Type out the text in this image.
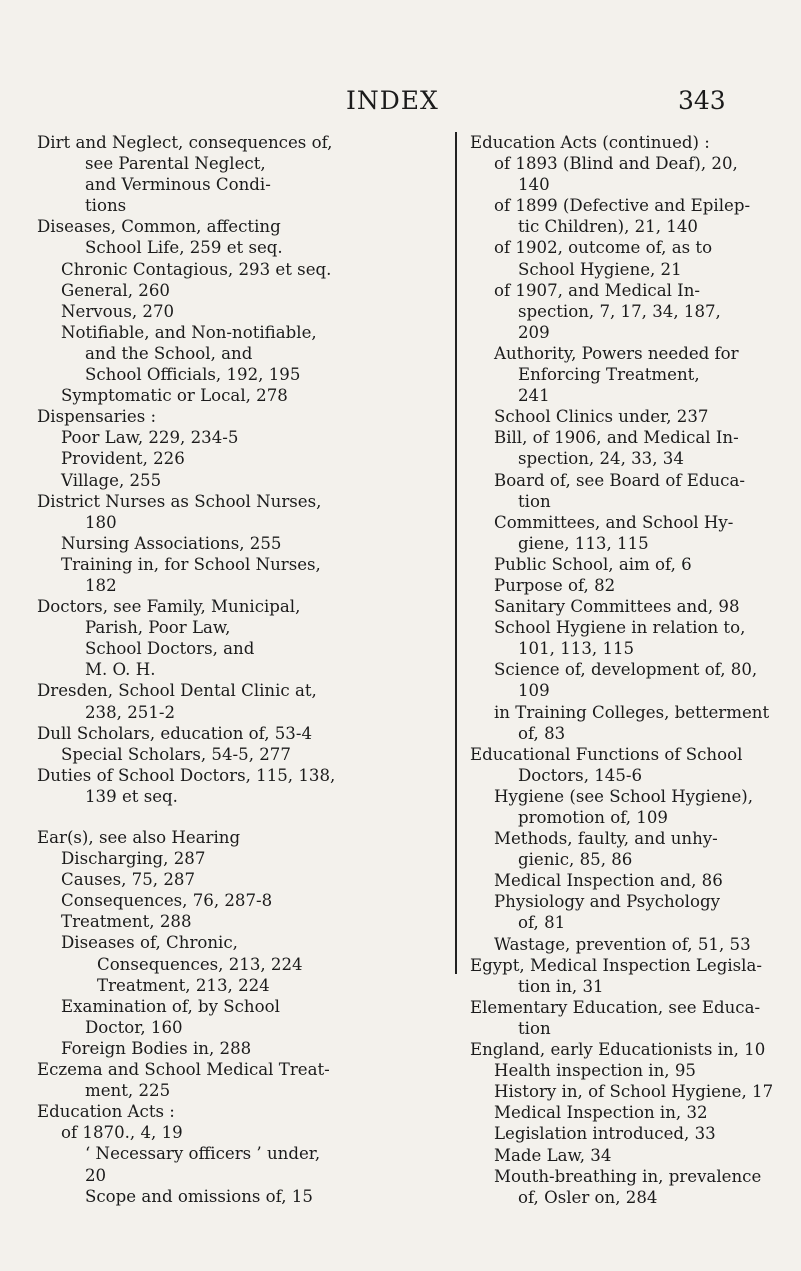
INDEX	343
Dirt and Neglect, consequences of,
see Parental Neglect,
and Verminous Condi-
tions
Diseases, Common, affecting
School Life, 259 et seq.
Chronic Contagious, 293 et seq.
General, 260
Nervous, 270
Notifiable, and Non-notifiable,
and the School, and
School Officials, 192, 195
Symptomatic or Local, 278
Dispensaries :
Poor Law, 229, 234-5
Provident, 226
Village, 255
District Nurses as School Nurses,
180
Nursing Associations, 255
Training in, for School Nurses,
182
Doctors, see Family, Municipal,
Parish, Poor Law,
School Doctors, and
M. O. H.
Dresden, School Dental Clinic at,
238, 251-2
Dull Scholars, education of, 53-4
Special Scholars, 54-5, 277
Duties of School Doctors, 115, 138,
139 et seq.
Ear(s), see also Hearing
Discharging, 287
Causes, 75, 287
Consequences, 76, 287-8
Treatment, 288
Diseases of, Chronic,
Consequences, 213, 224
Treatment, 213, 224
Examination of, by School
Doctor, 160
Foreign Bodies in, 288
Eczema and School Medical Treat-
ment, 225
Education Acts :
of 1870., 4, 19
‘ Necessary officers ’ under,
20
Scope and omissions of, 15
Education Acts (continued) :
of 1893 (Blind and Deaf), 20,
140
of 1899 (Defective and Epilep-
tic Children), 21, 140
of 1902, outcome of, as to
School Hygiene, 21
of 1907, and Medical In-
spection, 7, 17, 34, 187,
209
Authority, Powers needed for
Enforcing Treatment,
241
School Clinics under, 237
Bill, of 1906, and Medical In-
spection, 24, 33, 34
Board of, see Board of Educa-
tion
Committees, and School Hy-
giene, 113, 115
Public School, aim of, 6
Purpose of, 82
Sanitary Committees and, 98
School Hygiene in relation to,
101, 113, 115
Science of, development of, 80,
109
in Training Colleges, betterment
of, 83
Educational Functions of School
Doctors, 145-6
Hygiene (see School Hygiene),
promotion of, 109
Methods, faulty, and unhy-
gienic, 85, 86
Medical Inspection and, 86
Physiology and Psychology
of, 81
Wastage, prevention of, 51, 53
Egypt, Medical Inspection Legisla-
tion in, 31
Elementary Education, see Educa-
tion
England, early Educationists in, 10
Health inspection in, 95
History in, of School Hygiene, 17
Medical Inspection in, 32
Legislation introduced, 33
Made Law, 34
Mouth-breathing in, prevalence
of, Osler on, 284
